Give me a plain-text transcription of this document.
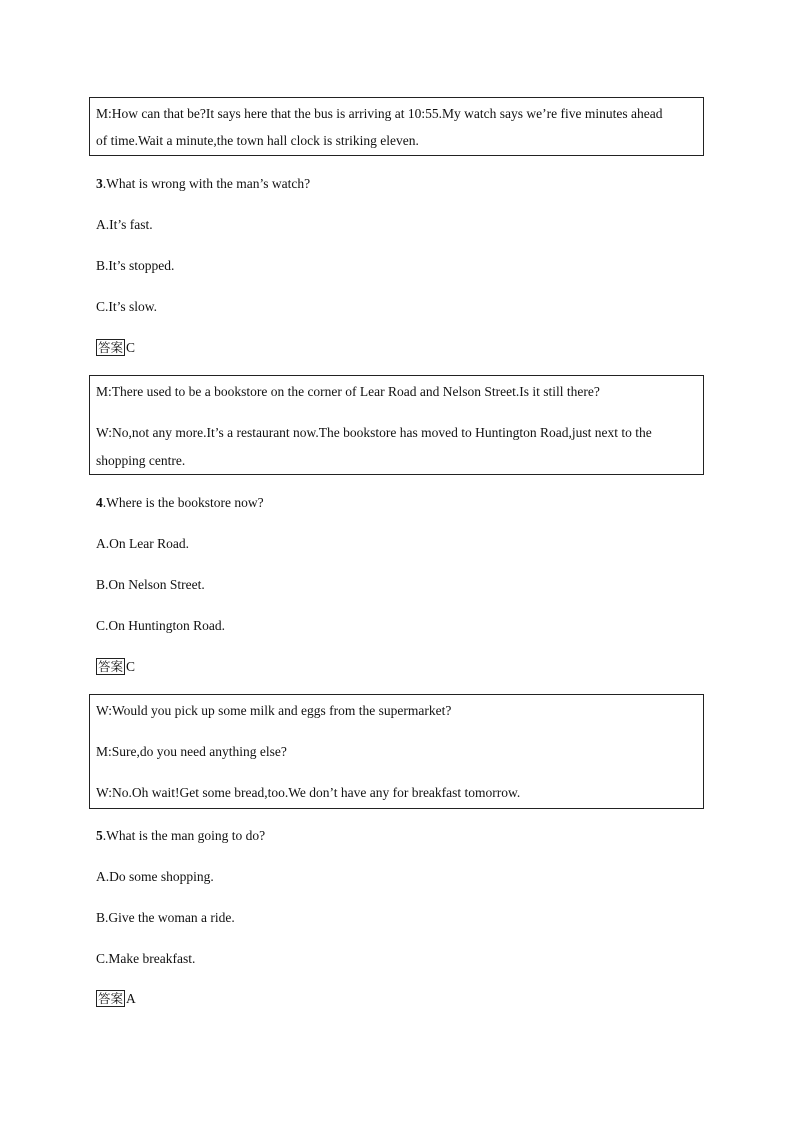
M:How can that be?It says here that the bus is arriving at 10:55.My watch says we’re five minutes ahead
of time.Wait a minute,the town hall clock is striking eleven.
3.What is wrong with the man’s watch?
A.It’s fast.
B.It’s stopped.
C.It’s slow.
答案 C
M:There used to be a bookstore on the corner of Lear Road and Nelson Street.Is it still there?
W:No,not any more.It’s a restaurant now.The bookstore has moved to Huntington Road,just next to the
shopping centre.
4.Where is the bookstore now?
A.On Lear Road.
B.On Nelson Street.
C.On Huntington Road.
答案 C
W:Would you pick up some milk and eggs from the supermarket?
M:Sure,do you need anything else?
W:No.Oh wait!Get some bread,too.We don’t have any for breakfast tomorrow.
5.What is the man going to do?
A.Do some shopping.
B.Give the woman a ride.
C.Make breakfast.
答案 A
